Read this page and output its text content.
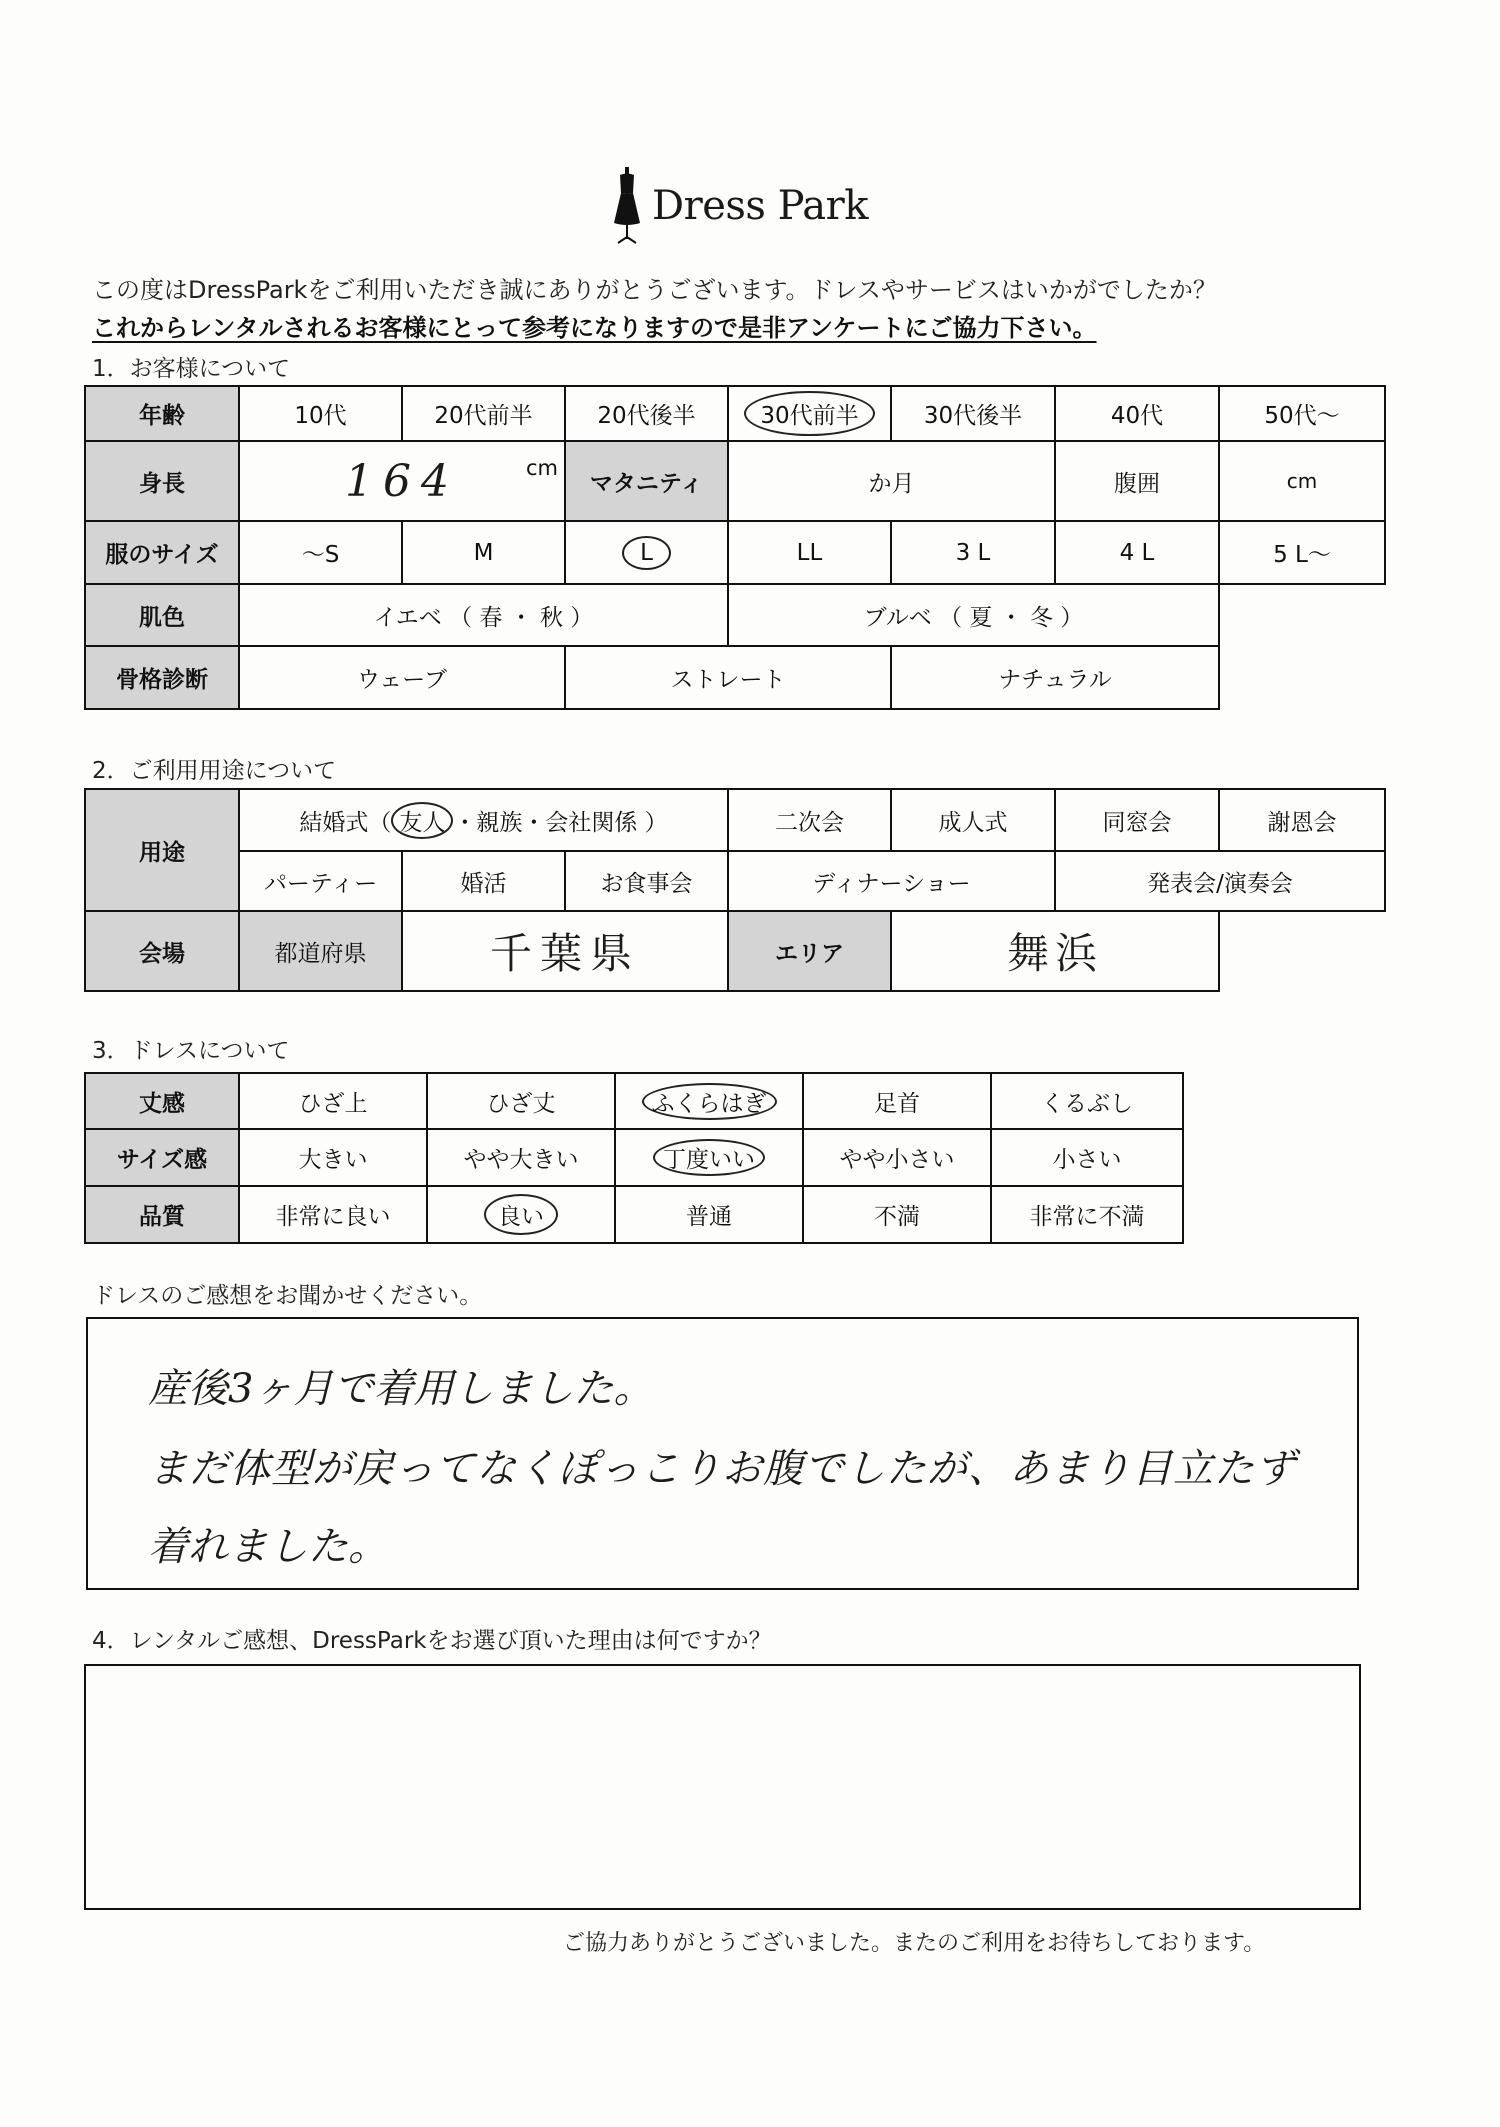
Dress Park
この度はDressParkをご利用いただき誠にありがとうございます。ドレスやサービスはいかがでしたか？
これからレンタルされるお客様にとって参考になりますので是非アンケートにご協力下さい。
1．お客様について
年齢	10代	20代前半	20代後半	30代前半	30代後半	40代	50代～
身長	164 cm		マタニティ	か月		腹囲	cm
服のサイズ	～S	M	L	LL	3 L	4 L	5 L～
肌色	イエベ （ 春 ・ 秋 ）			ブルベ （ 夏 ・ 冬 ）			
骨格診断	ウェーブ		ストレート		ナチュラル		
2．ご利用用途について
用途	結婚式（ 友人 ・親族・会社関係 ）			二次会	成人式	同窓会	謝恩会
	パーティー	婚活	お食事会	ディナーショー		発表会/演奏会	
会場	都道府県	千葉県		エリア	舞浜		
3．ドレスについて
丈感	ひざ上	ひざ丈	ふくらはぎ	足首	くるぶし
サイズ感	大きい	やや大きい	丁度いい	やや小さい	小さい
品質	非常に良い	良い	普通	不満	非常に不満
ドレスのご感想をお聞かせください。
産後3ヶ月で着用しました。
まだ体型が戻ってなくぽっこりお腹でしたが、あまり目立たず
着れました。
4．レンタルご感想、DressParkをお選び頂いた理由は何ですか？
ご協力ありがとうございました。またのご利用をお待ちしております。
